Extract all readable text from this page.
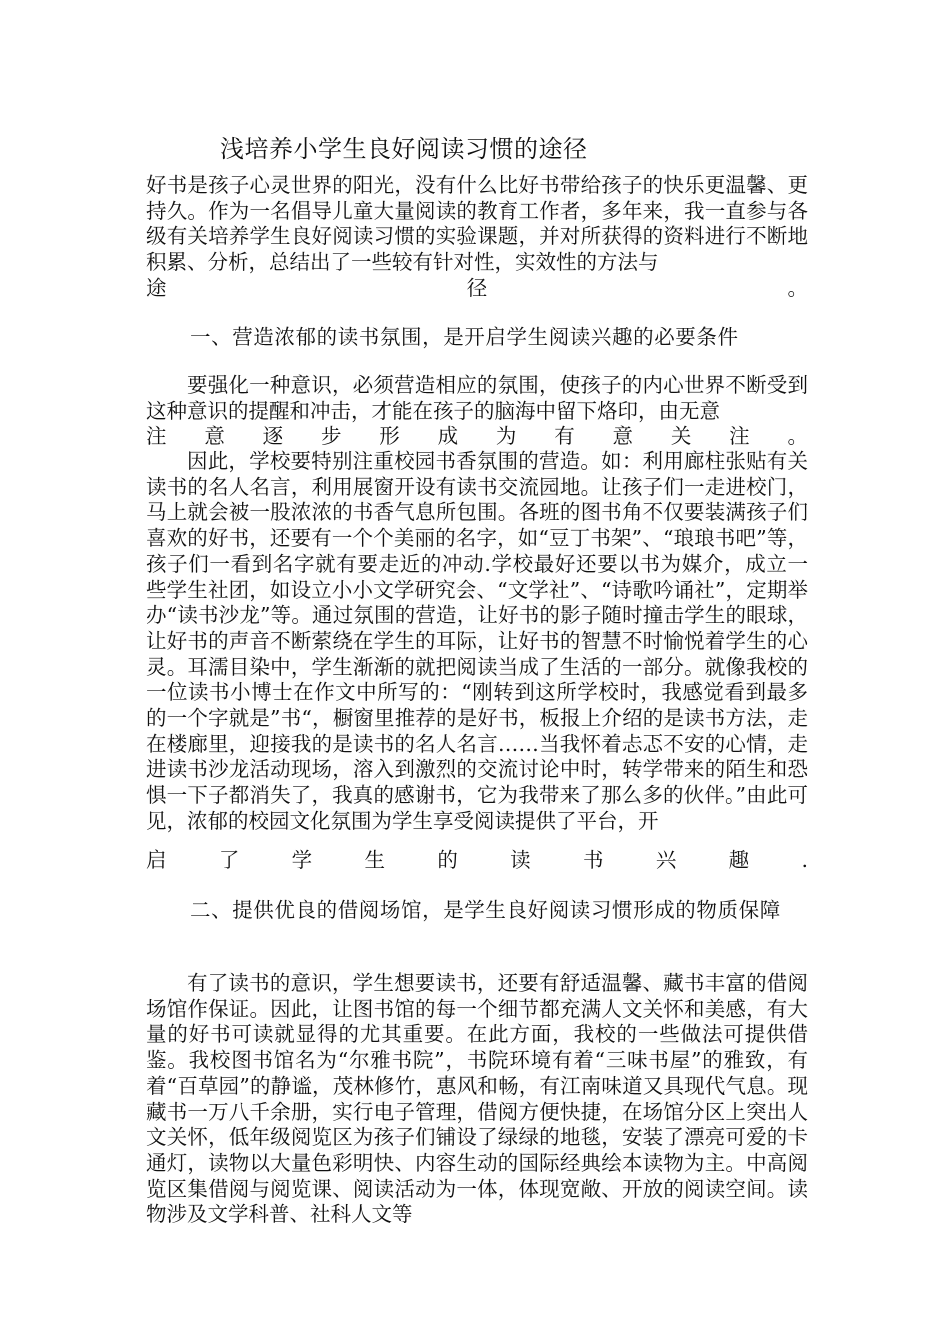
浅培养小学生良好阅读习惯的途径

好书是孩子心灵世界的阳光，没有什么比好书带给孩子的快乐更温馨、更持久。作为一名倡导儿童大量阅读的教育工作者，多年来，我一直参与各级有关培养学生良好阅读习惯的实验课题，并对所获得的资料进行不断地积累、分析，总结出了一些较有针对性，实效性的方法与

途 径 。

一、营造浓郁的读书氛围，是开启学生阅读兴趣的必要条件

要强化一种意识，必须营造相应的氛围，使孩子的内心世界不断受到这种意识的提醒和冲击，才能在孩子的脑海中留下烙印，由无意

注 意 逐 步 形 成 为 有 意 关 注 。

因此，学校要特别注重校园书香氛围的营造。如：利用廊柱张贴有关读书的名人名言，利用展窗开设有读书交流园地。让孩子们一走进校门，马上就会被一股浓浓的书香气息所包围。各班的图书角不仅要装满孩子们喜欢的好书，还要有一个个美丽的名字，如“豆丁书架”、“琅琅书吧”等，孩子们一看到名字就有要走近的冲动.学校最好还要以书为媒介，成立一些学生社团，如设立小小文学研究会、“文学社”、“诗歌吟诵社”，定期举办“读书沙龙”等。通过氛围的营造，让好书的影子随时撞击学生的眼球，让好书的声音不断萦绕在学生的耳际，让好书的智慧不时愉悦着学生的心灵。耳濡目染中，学生渐渐的就把阅读当成了生活的一部分。就像我校的一位读书小博士在作文中所写的：“刚转到这所学校时，我感觉看到最多的一个字就是”书“，橱窗里推荐的是好书，板报上介绍的是读书方法，走在楼廊里，迎接我的是读书的名人名言……当我怀着忐忑不安的心情，走进读书沙龙活动现场，溶入到激烈的交流讨论中时，转学带来的陌生和恐惧一下子都消失了，我真的感谢书，它为我带来了那么多的伙伴。”由此可见，浓郁的校园文化氛围为学生享受阅读提供了平台，开

启 了 学 生 的 读 书 兴 趣 .

二、提供优良的借阅场馆，是学生良好阅读习惯形成的物质保障

有了读书的意识，学生想要读书，还要有舒适温馨、藏书丰富的借阅场馆作保证。因此，让图书馆的每一个细节都充满人文关怀和美感，有大量的好书可读就显得的尤其重要。在此方面，我校的一些做法可提供借鉴。我校图书馆名为“尔雅书院”，书院环境有着“三味书屋”的雅致，有着“百草园”的静谧，茂林修竹，惠风和畅，有江南味道又具现代气息。现藏书一万八千余册，实行电子管理，借阅方便快捷，在场馆分区上突出人文关怀，低年级阅览区为孩子们铺设了绿绿的地毯，安装了漂亮可爱的卡通灯，读物以大量色彩明快、内容生动的国际经典绘本读物为主。中高阅览区集借阅与阅览课、阅读活动为一体，体现宽敞、开放的阅读空间。读物涉及文学科普、社科人文等
